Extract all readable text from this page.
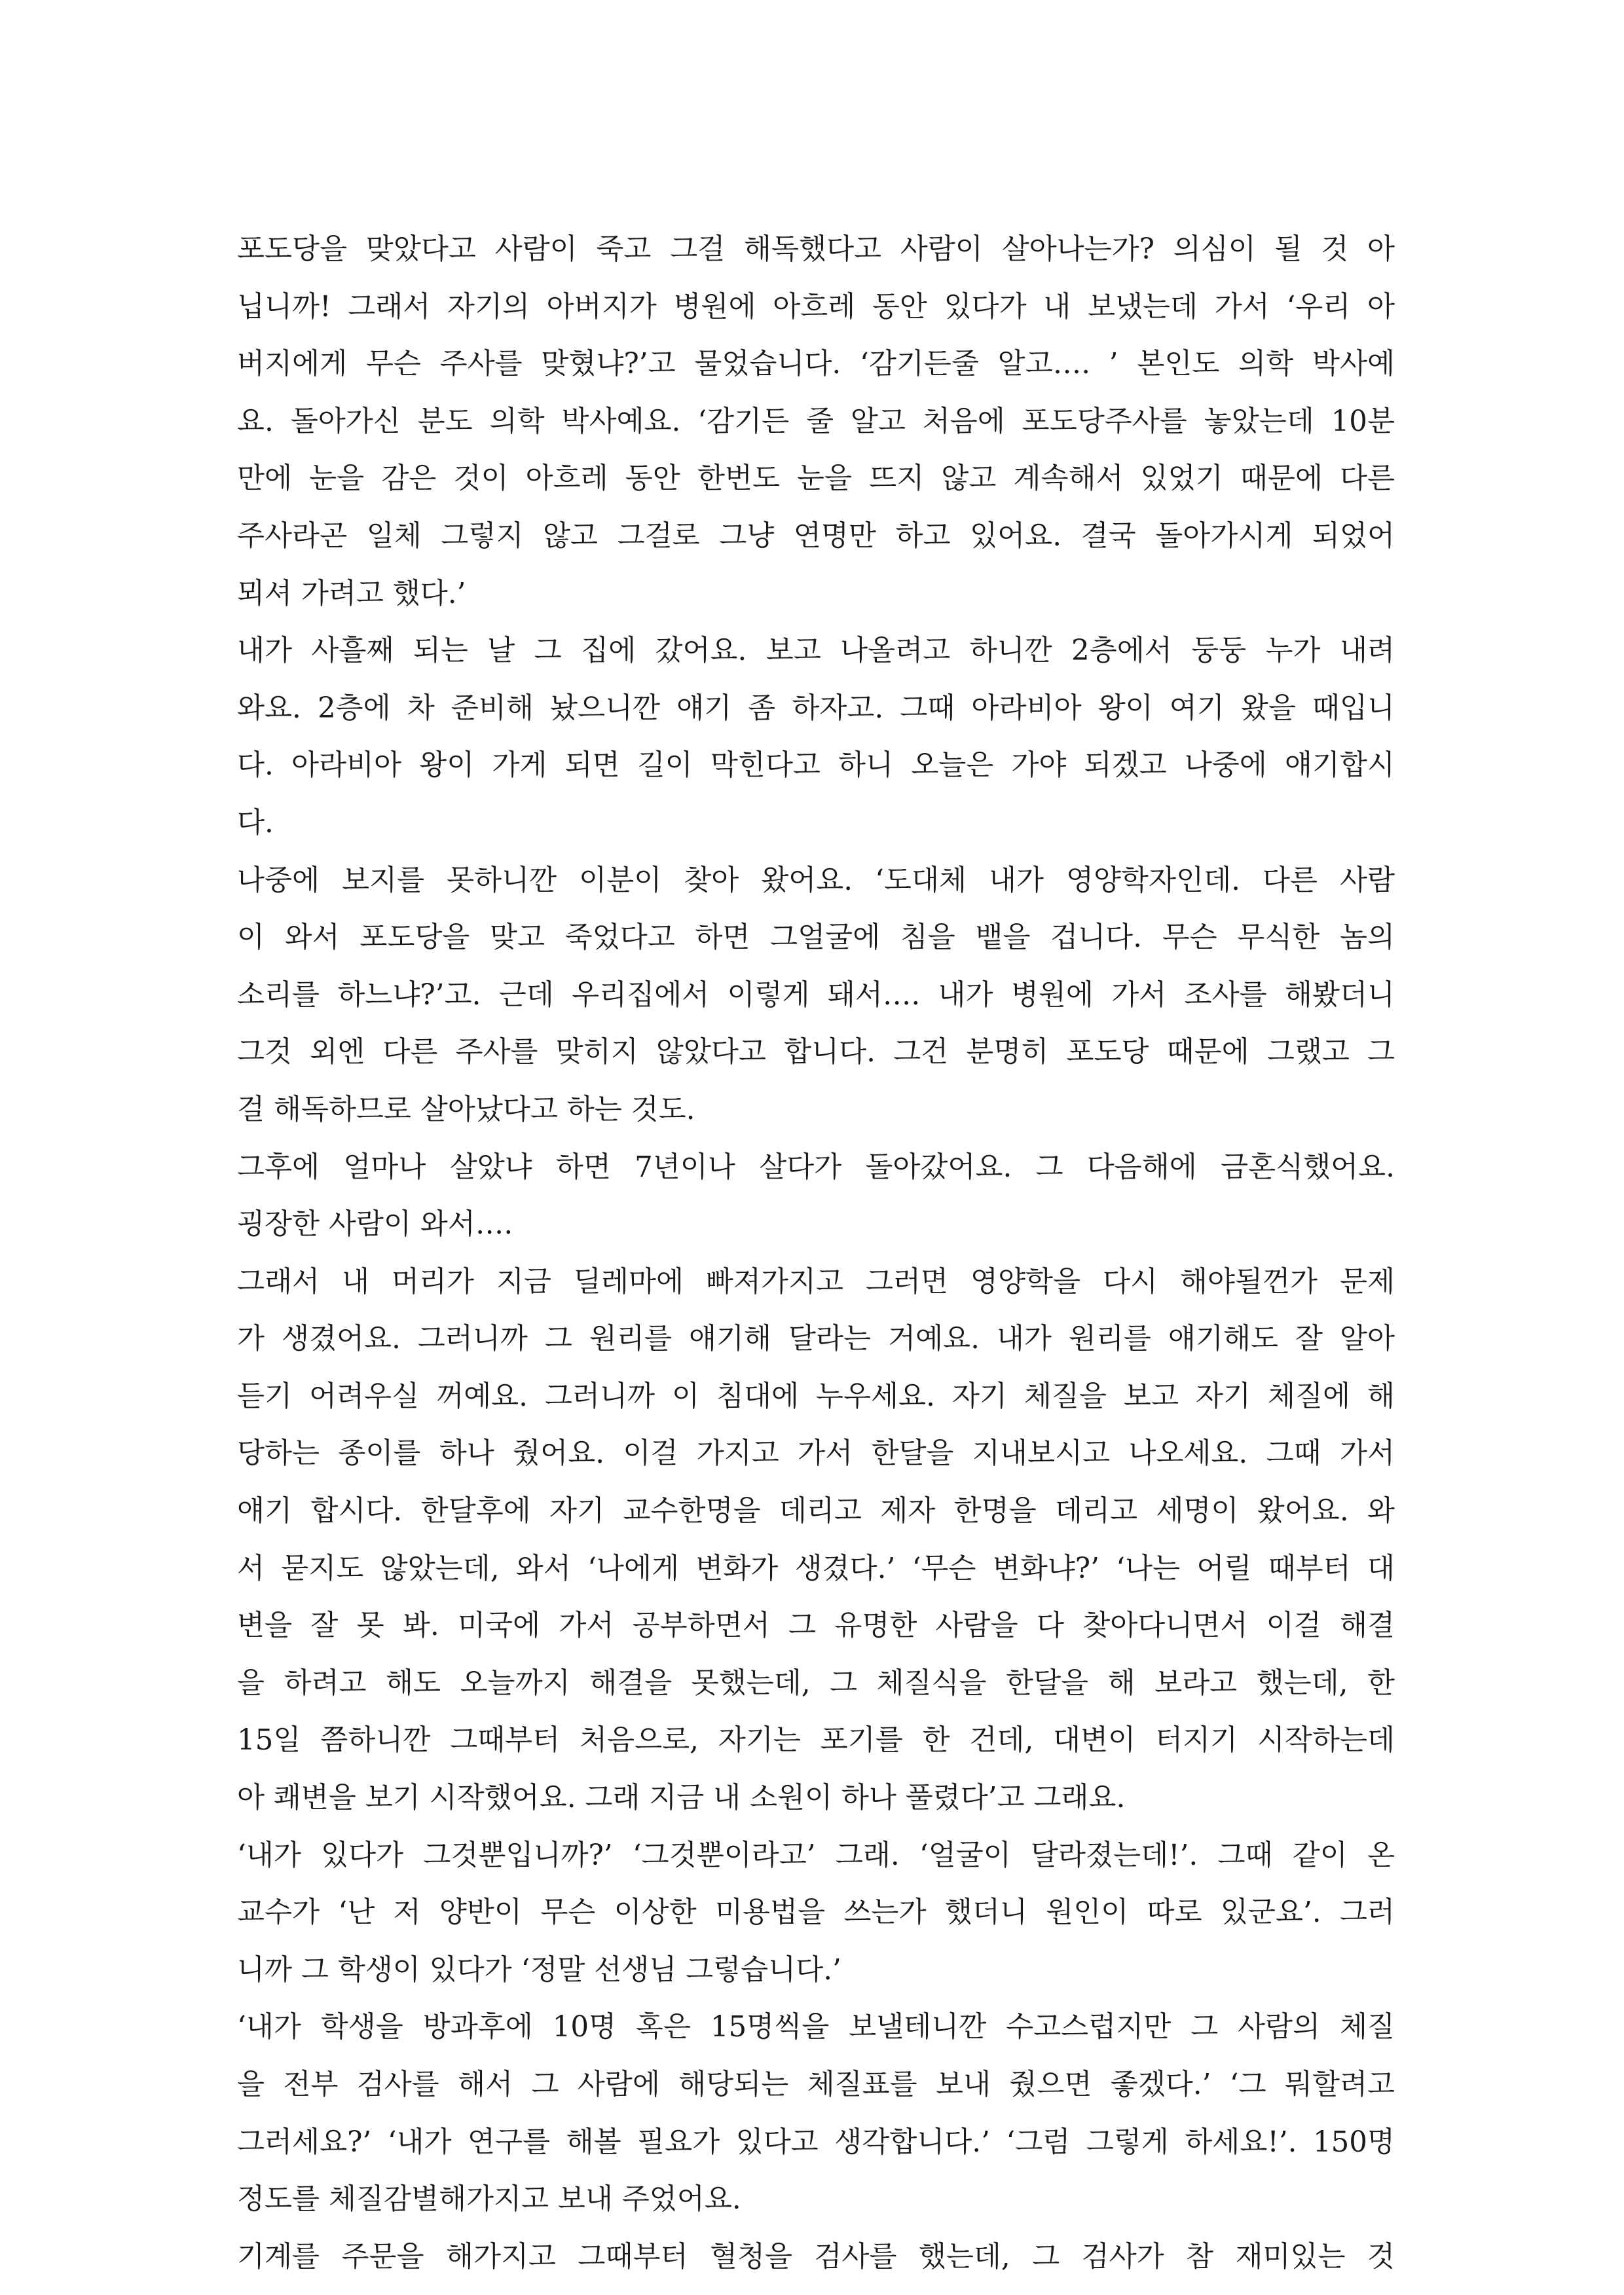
포도당을 맞았다고 사람이 죽고 그걸 해독했다고 사람이 살아나는가? 의심이 될 것 아
닙니까! 그래서 자기의 아버지가 병원에 아흐레 동안 있다가 내 보냈는데 가서 ‘우리 아
버지에게 무슨 주사를 맞혔냐?’고 물었습니다. ‘감기든줄 알고…. ’ 본인도 의학 박사예
요. 돌아가신 분도 의학 박사예요. ‘감기든 줄 알고 처음에 포도당주사를 놓았는데 10분
만에 눈을 감은 것이 아흐레 동안 한번도 눈을 뜨지 않고 계속해서 있었기 때문에 다른
주사라곤 일체 그렇지 않고 그걸로 그냥 연명만 하고 있어요. 결국 돌아가시게 되었어
뫼셔 가려고 했다.’
내가 사흘째 되는 날 그 집에 갔어요. 보고 나올려고 하니깐 2층에서 둥둥 누가 내려
와요. 2층에 차 준비해 놨으니깐 얘기 좀 하자고. 그때 아라비아 왕이 여기 왔을 때입니
다. 아라비아 왕이 가게 되면 길이 막힌다고 하니 오늘은 가야 되겠고 나중에 얘기합시
다.
나중에 보지를 못하니깐 이분이 찾아 왔어요. ‘도대체 내가 영양학자인데. 다른 사람
이 와서 포도당을 맞고 죽었다고 하면 그얼굴에 침을 뱉을 겁니다. 무슨 무식한 놈의
소리를 하느냐?’고. 근데 우리집에서 이렇게 돼서…. 내가 병원에 가서 조사를 해봤더니
그것 외엔 다른 주사를 맞히지 않았다고 합니다. 그건 분명히 포도당 때문에 그랬고 그
걸 해독하므로 살아났다고 하는 것도.
그후에 얼마나 살았냐 하면 7년이나 살다가 돌아갔어요. 그 다음해에 금혼식했어요.
굉장한 사람이 와서….
그래서 내 머리가 지금 딜레마에 빠져가지고 그러면 영양학을 다시 해야될껀가 문제
가 생겼어요. 그러니까 그 원리를 얘기해 달라는 거예요. 내가 원리를 얘기해도 잘 알아
듣기 어려우실 꺼예요. 그러니까 이 침대에 누우세요. 자기 체질을 보고 자기 체질에 해
당하는 종이를 하나 줬어요. 이걸 가지고 가서 한달을 지내보시고 나오세요. 그때 가서
얘기 합시다. 한달후에 자기 교수한명을 데리고 제자 한명을 데리고 세명이 왔어요. 와
서 묻지도 않았는데, 와서 ‘나에게 변화가 생겼다.’ ‘무슨 변화냐?’ ‘나는 어릴 때부터 대
변을 잘 못 봐. 미국에 가서 공부하면서 그 유명한 사람을 다 찾아다니면서 이걸 해결
을 하려고 해도 오늘까지 해결을 못했는데, 그 체질식을 한달을 해 보라고 했는데, 한
15일 쯤하니깐 그때부터 처음으로, 자기는 포기를 한 건데, 대변이 터지기 시작하는데
아 쾌변을 보기 시작했어요. 그래 지금 내 소원이 하나 풀렸다’고 그래요.
‘내가 있다가 그것뿐입니까?’ ‘그것뿐이라고’ 그래. ‘얼굴이 달라졌는데!’. 그때 같이 온
교수가 ‘난 저 양반이 무슨 이상한 미용법을 쓰는가 했더니 원인이 따로 있군요’. 그러
니까 그 학생이 있다가 ‘정말 선생님 그렇습니다.’
‘내가 학생을 방과후에 10명 혹은 15명씩을 보낼테니깐 수고스럽지만 그 사람의 체질
을 전부 검사를 해서 그 사람에 해당되는 체질표를 보내 줬으면 좋겠다.’ ‘그 뭐할려고
그러세요?’ ‘내가 연구를 해볼 필요가 있다고 생각합니다.’ ‘그럼 그렇게 하세요!’. 150명
정도를 체질감별해가지고 보내 주었어요.
기계를 주문을 해가지고 그때부터 혈청을 검사를 했는데, 그 검사가 참 재미있는 것
